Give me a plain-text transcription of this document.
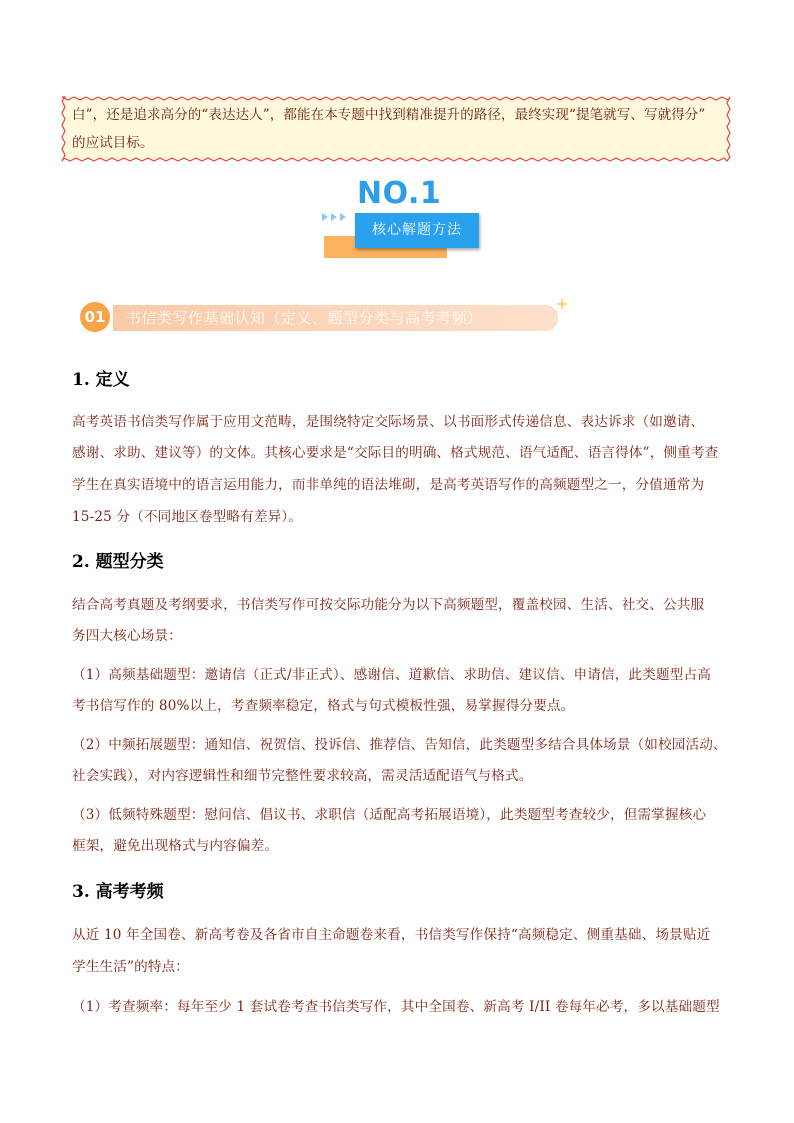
白”，还是追求高分的“表达达人”，都能在本专题中找到精准提升的路径，最终实现“提笔就写、写就得分”
的应试目标。
NO.1
核心解题方法
01	书信类写作基础认知（定义、题型分类与高考考频）
1. 定义
高考英语书信类写作属于应用文范畴，是围绕特定交际场景、以书面形式传递信息、表达诉求（如邀请、
感谢、求助、建议等）的文体。其核心要求是“交际目的明确、格式规范、语气适配、语言得体”，侧重考查
学生在真实语境中的语言运用能力，而非单纯的语法堆砌，是高考英语写作的高频题型之一，分值通常为
15-25 分（不同地区卷型略有差异）。
2. 题型分类
结合高考真题及考纲要求，书信类写作可按交际功能分为以下高频题型，覆盖校园、生活、社交、公共服
务四大核心场景：
（1）高频基础题型：邀请信（正式/非正式）、感谢信、道歉信、求助信、建议信、申请信，此类题型占高
考书信写作的 80%以上，考查频率稳定，格式与句式模板性强，易掌握得分要点。
（2）中频拓展题型：通知信、祝贺信、投诉信、推荐信、告知信，此类题型多结合具体场景（如校园活动、
社会实践），对内容逻辑性和细节完整性要求较高，需灵活适配语气与格式。
（3）低频特殊题型：慰问信、倡议书、求职信（适配高考拓展语境），此类题型考查较少，但需掌握核心
框架，避免出现格式与内容偏差。
3. 高考考频
从近 10 年全国卷、新高考卷及各省市自主命题卷来看，书信类写作保持“高频稳定、侧重基础、场景贴近
学生生活”的特点：
（1）考查频率：每年至少 1 套试卷考查书信类写作，其中全国卷、新高考 I/II 卷每年必考，多以基础题型
